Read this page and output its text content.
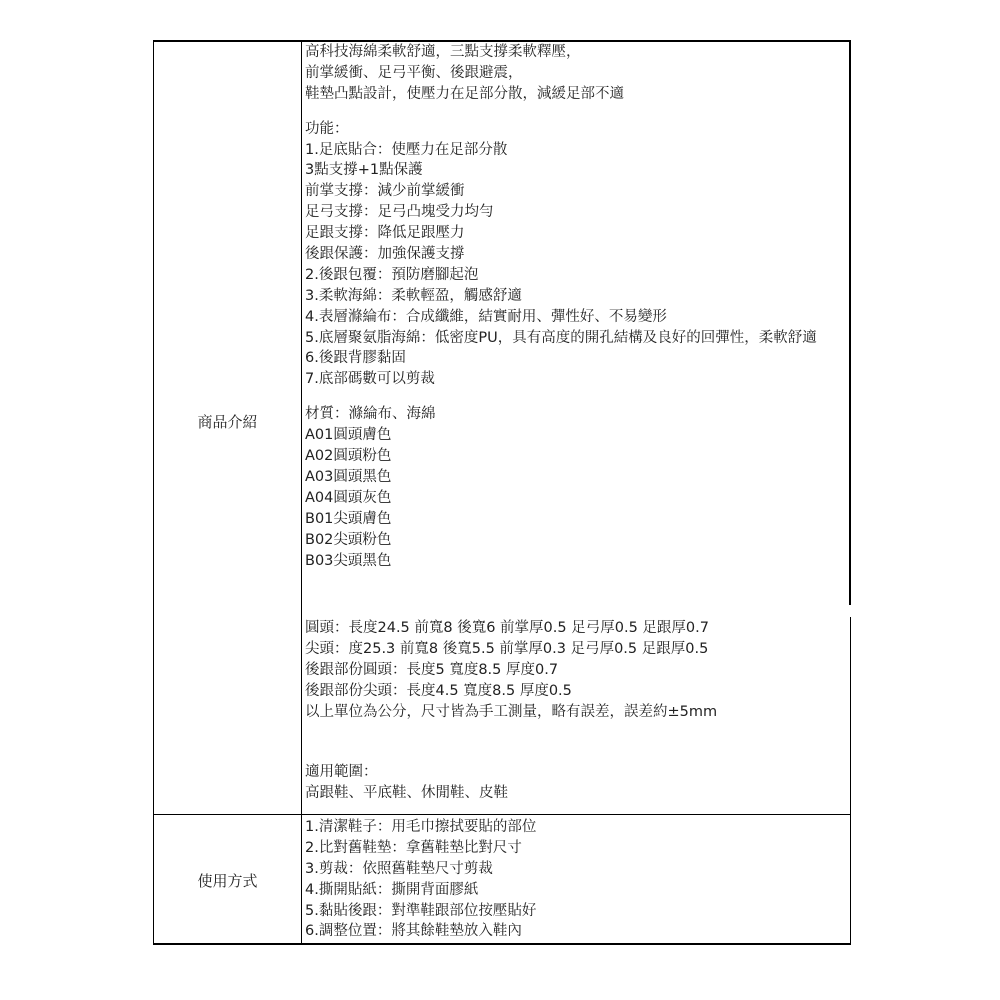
商品介紹
使用方式
高科技海綿柔軟舒適，三點支撐柔軟釋壓，
前掌緩衝、足弓平衡、後跟避震，
鞋墊凸點設計，使壓力在足部分散，減緩足部不適
功能：
1.足底貼合：使壓力在足部分散
3點支撐+1點保護
前掌支撐：減少前掌緩衝
足弓支撐：足弓凸塊受力均勻
足跟支撐：降低足跟壓力
後跟保護：加強保護支撐
2.後跟包覆：預防磨腳起泡
3.柔軟海綿：柔軟輕盈，觸感舒適
4.表層滌綸布：合成纖維，結實耐用、彈性好、不易變形
5.底層聚氨脂海綿：低密度PU，具有高度的開孔結構及良好的回彈性，柔軟舒適
6.後跟背膠黏固
7.底部碼數可以剪裁
材質：滌綸布、海綿
A01圓頭膚色
A02圓頭粉色
A03圓頭黑色
A04圓頭灰色
B01尖頭膚色
B02尖頭粉色
B03尖頭黑色
圓頭：長度24.5 前寬8 後寬6 前掌厚0.5 足弓厚0.5 足跟厚0.7
尖頭：度25.3 前寬8 後寬5.5 前掌厚0.3 足弓厚0.5 足跟厚0.5
後跟部份圓頭：長度5 寬度8.5 厚度0.7
後跟部份尖頭：長度4.5 寬度8.5 厚度0.5
以上單位為公分，尺寸皆為手工測量，略有誤差，誤差約±5mm
適用範圍：
高跟鞋、平底鞋、休閒鞋、皮鞋
1.清潔鞋子：用毛巾擦拭要貼的部位
2.比對舊鞋墊：拿舊鞋墊比對尺寸
3.剪裁：依照舊鞋墊尺寸剪裁
4.撕開貼紙：撕開背面膠紙
5.黏貼後跟：對準鞋跟部位按壓貼好
6.調整位置：將其餘鞋墊放入鞋內
